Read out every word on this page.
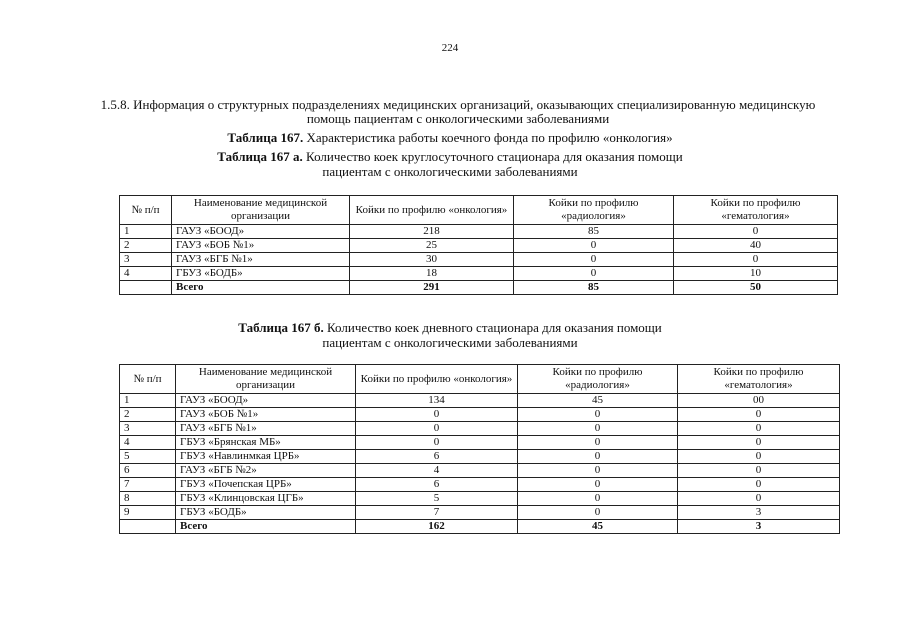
224
1.5.8. Информация о структурных подразделениях медицинских организаций, оказывающих специализированную медицинскую помощь пациентам с онкологическими заболеваниями
Таблица 167. Характеристика работы коечного фонда по профилю «онкология»
Таблица 167 а. Количество коек круглосуточного стационара для оказания помощи
пациентам с онкологическими заболеваниями
№ п/п	Наименование медицинской организации	Койки по профилю «онкология»	Койки по профилю «радиология»	Койки по профилю «гематология»
1	ГАУЗ «БООД»	218	85	0
2	ГАУЗ «БОБ №1»	25	0	40
3	ГАУЗ «БГБ №1»	30	0	0
4	ГБУЗ «БОДБ»	18	0	10
	Всего	291	85	50
Таблица 167 б. Количество коек дневного стационара для оказания помощи
пациентам с онкологическими заболеваниями
№ п/п	Наименование медицинской организации	Койки по профилю «онкология»	Койки по профилю «радиология»	Койки по профилю «гематология»
1	ГАУЗ «БООД»	134	45	00
2	ГАУЗ «БОБ №1»	0	0	0
3	ГАУЗ «БГБ №1»	0	0	0
4	ГБУЗ «Брянская МБ»	0	0	0
5	ГБУЗ «Навлинмкая ЦРБ»	6	0	0
6	ГАУЗ «БГБ №2»	4	0	0
7	ГБУЗ «Почепская ЦРБ»	6	0	0
8	ГБУЗ «Клинцовская ЦГБ»	5	0	0
9	ГБУЗ «БОДБ»	7	0	3
	Всего	162	45	3
